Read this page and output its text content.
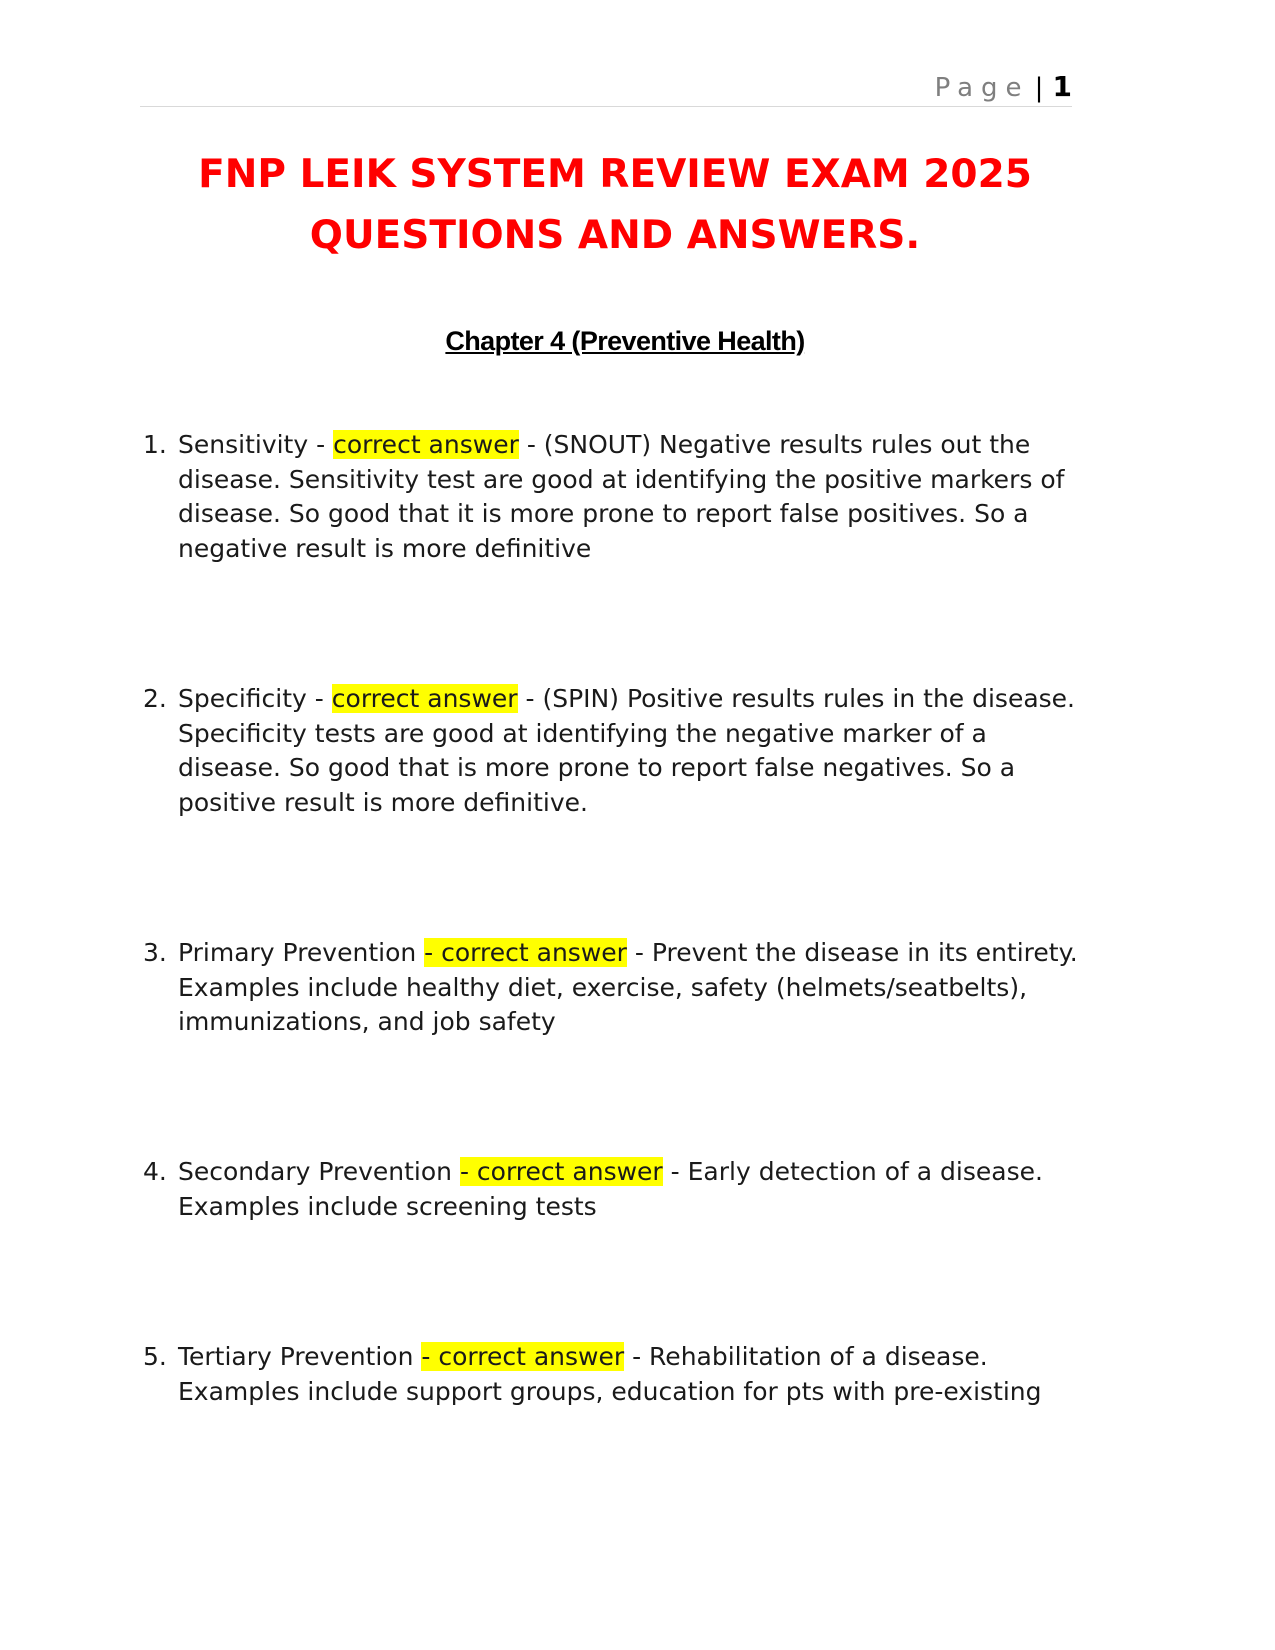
Page | 1
FNP LEIK SYSTEM REVIEW EXAM 2025
QUESTIONS AND ANSWERS.
Chapter 4 (Preventive Health)
1. Sensitivity - correct answer - (SNOUT) Negative results rules out the disease. Sensitivity test are good at identifying the positive markers of disease. So good that it is more prone to report false positives. So a negative result is more definitive
2. Specificity - correct answer - (SPIN) Positive results rules in the disease. Specificity tests are good at identifying the negative marker of a disease. So good that is more prone to report false negatives. So a positive result is more definitive.
3. Primary Prevention - correct answer - Prevent the disease in its entirety. Examples include healthy diet, exercise, safety (helmets/seatbelts), immunizations, and job safety
4. Secondary Prevention - correct answer - Early detection of a disease. Examples include screening tests
5. Tertiary Prevention - correct answer - Rehabilitation of a disease. Examples include support groups, education for pts with pre-existing
